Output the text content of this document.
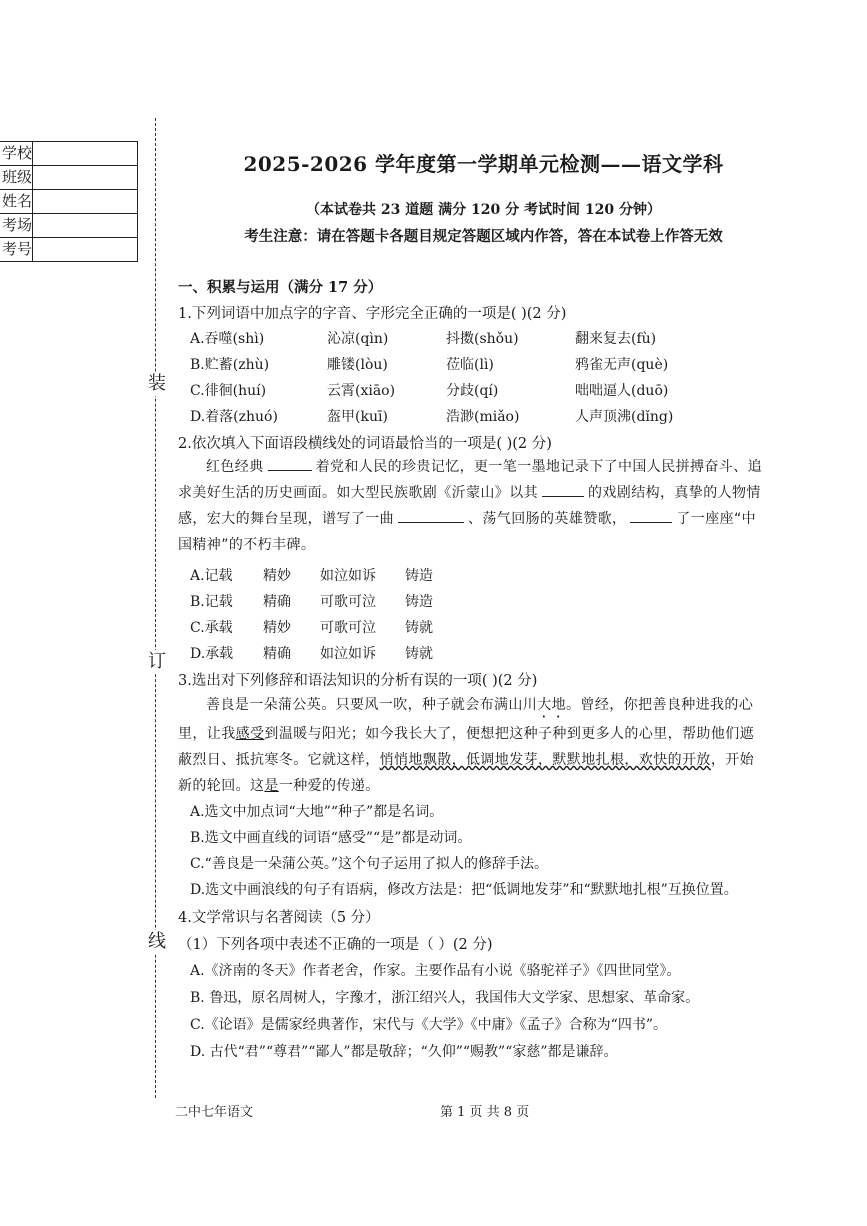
学校	
班级	
姓名	
考场	
考号	
装
订
线
2025-2026 学年度第一学期单元检测——语文学科
（本试卷共 23 道题 满分 120 分 考试时间 120 分钟）
考生注意：请在答题卡各题目规定答题区域内作答，答在本试卷上作答无效
一、积累与运用（满分 17 分）
1.下列词语中加点字的字音、字形完全正确的一项是( )(2 分)
A.吞噬(shì)	沁凉(qìn)	抖擞(shǒu)	翻来复去(fù)
B.贮蓄(zhù)	雕镂(lòu)	莅临(lì)	鸦雀无声(què)
C.徘徊(huí)	云霄(xiāo)	分歧(qí)	咄咄逼人(duō)
D.着落(zhuó)	盔甲(kuī)	浩渺(miǎo)	人声顶沸(dǐng)
2.依次填入下面语段横线处的词语最恰当的一项是( )(2 分)
红色经典	着党和人民的珍贵记忆，更一笔一墨地记录下了中国人民拼搏奋斗、追求美好生活的历史画面。如大型民族歌剧《沂蒙山》以其	的戏剧结构，真挚的人物情感，宏大的舞台呈现，谱写了一曲	、荡气回肠的英雄赞歌，	了一座座“中国精神”的不朽丰碑。
A.记载 精妙 如泣如诉 铸造
B.记载 精确 可歌可泣 铸造
C.承载 精妙 可歌可泣 铸就
D.承载 精确 如泣如诉 铸就
3.选出对下列修辞和语法知识的分析有误的一项( )(2 分)
善良是一朵蒲公英。只要风一吹，种子就会布满山川大地。曾经，你把善良种进我的心里，让我感受到温暖与阳光；如今我长大了，便想把这种子种到更多人的心里，帮助他们遮蔽烈日、抵抗寒冬。它就这样，悄悄地飘散，低调地发芽，默默地扎根，欢快的开放，开始新的轮回。这是一种爱的传递。
A.选文中加点词“大地”“种子”都是名词。
B.选文中画直线的词语“感受”“是”都是动词。
C.“善良是一朵蒲公英。”这个句子运用了拟人的修辞手法。
D.选文中画浪线的句子有语病，修改方法是：把“低调地发芽”和“默默地扎根”互换位置。
4.文学常识与名著阅读（5 分）
（1）下列各项中表述不正确的一项是（ ）(2 分)
A.《济南的冬天》作者老舍，作家。主要作品有小说《骆驼祥子》《四世同堂》。
B. 鲁迅，原名周树人，字豫才，浙江绍兴人，我国伟大文学家、思想家、革命家。
C.《论语》是儒家经典著作，宋代与《大学》《中庸》《孟子》合称为“四书”。
D. 古代“君”“尊君”“鄙人”都是敬辞；“久仰”“赐教”“家慈”都是谦辞。
二中七年语文	第 1 页 共 8 页
